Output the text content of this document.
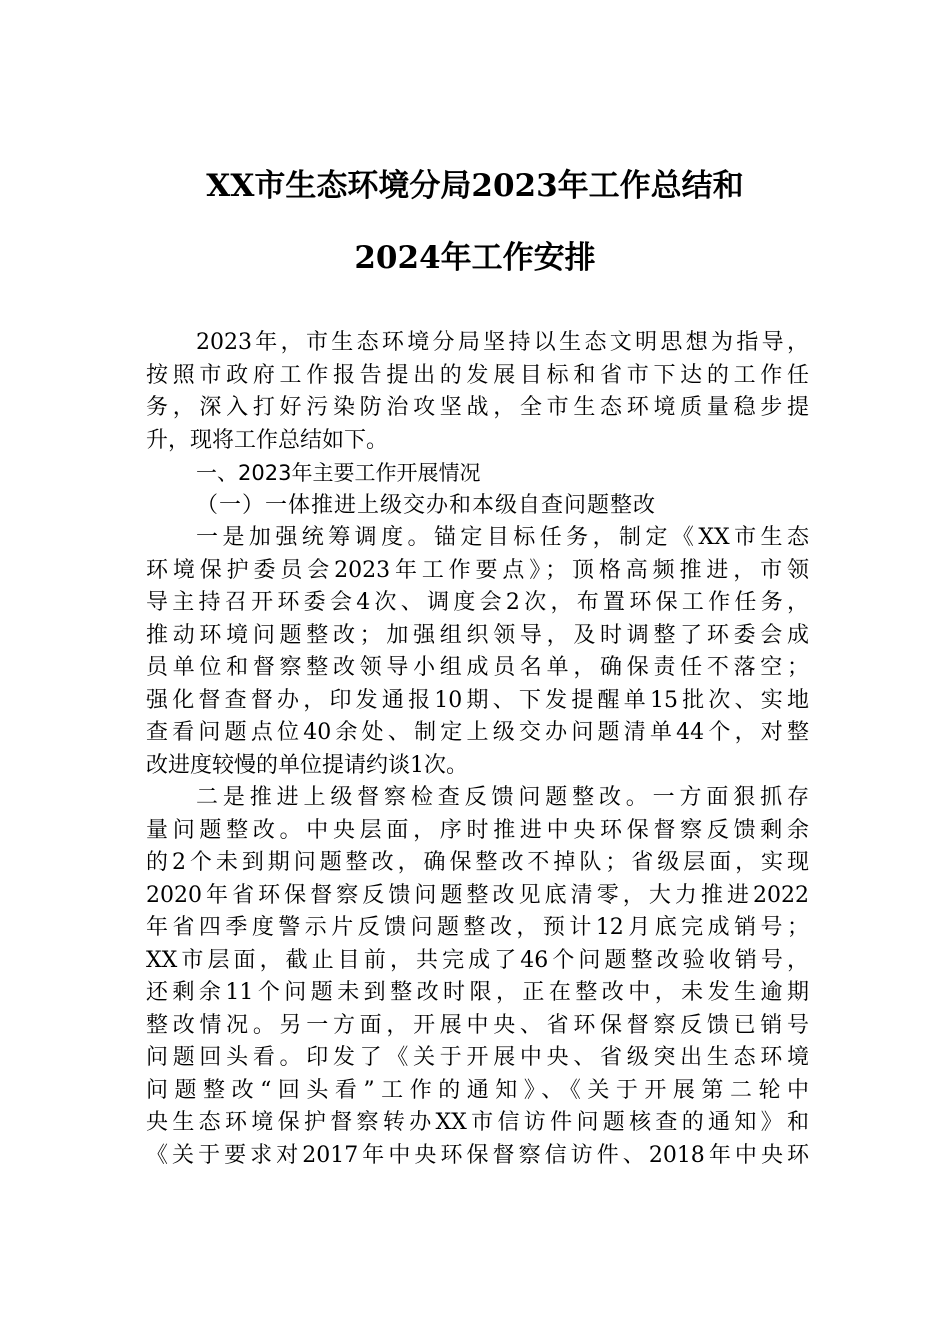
XX市生态环境分局2023年工作总结和
2024年工作安排
2023年，市生态环境分局坚持以生态文明思想为指导，
按照市政府工作报告提出的发展目标和省市下达的工作任
务，深入打好污染防治攻坚战，全市生态环境质量稳步提
升，现将工作总结如下。
一、2023年主要工作开展情况
（一）一体推进上级交办和本级自查问题整改
一是加强统筹调度。锚定目标任务，制定《XX市生态
环境保护委员会2023年工作要点》；顶格高频推进，市领
导主持召开环委会4次、调度会2次，布置环保工作任务，
推动环境问题整改；加强组织领导，及时调整了环委会成
员单位和督察整改领导小组成员名单，确保责任不落空；
强化督查督办，印发通报10期、下发提醒单15批次、实地
查看问题点位40余处、制定上级交办问题清单44个，对整
改进度较慢的单位提请约谈1次。
二是推进上级督察检查反馈问题整改。一方面狠抓存
量问题整改。中央层面，序时推进中央环保督察反馈剩余
的2个未到期问题整改，确保整改不掉队；省级层面，实现
2020年省环保督察反馈问题整改见底清零，大力推进2022
年省四季度警示片反馈问题整改，预计12月底完成销号；
XX市层面，截止目前，共完成了46个问题整改验收销号，
还剩余11个问题未到整改时限，正在整改中，未发生逾期
整改情况。另一方面，开展中央、省环保督察反馈已销号
问题回头看。印发了《关于开展中央、省级突出生态环境
问题整改“回头看”工作的通知》、《关于开展第二轮中
央生态环境保护督察转办XX市信访件问题核查的通知》和
《关于要求对2017年中央环保督察信访件、2018年中央环
